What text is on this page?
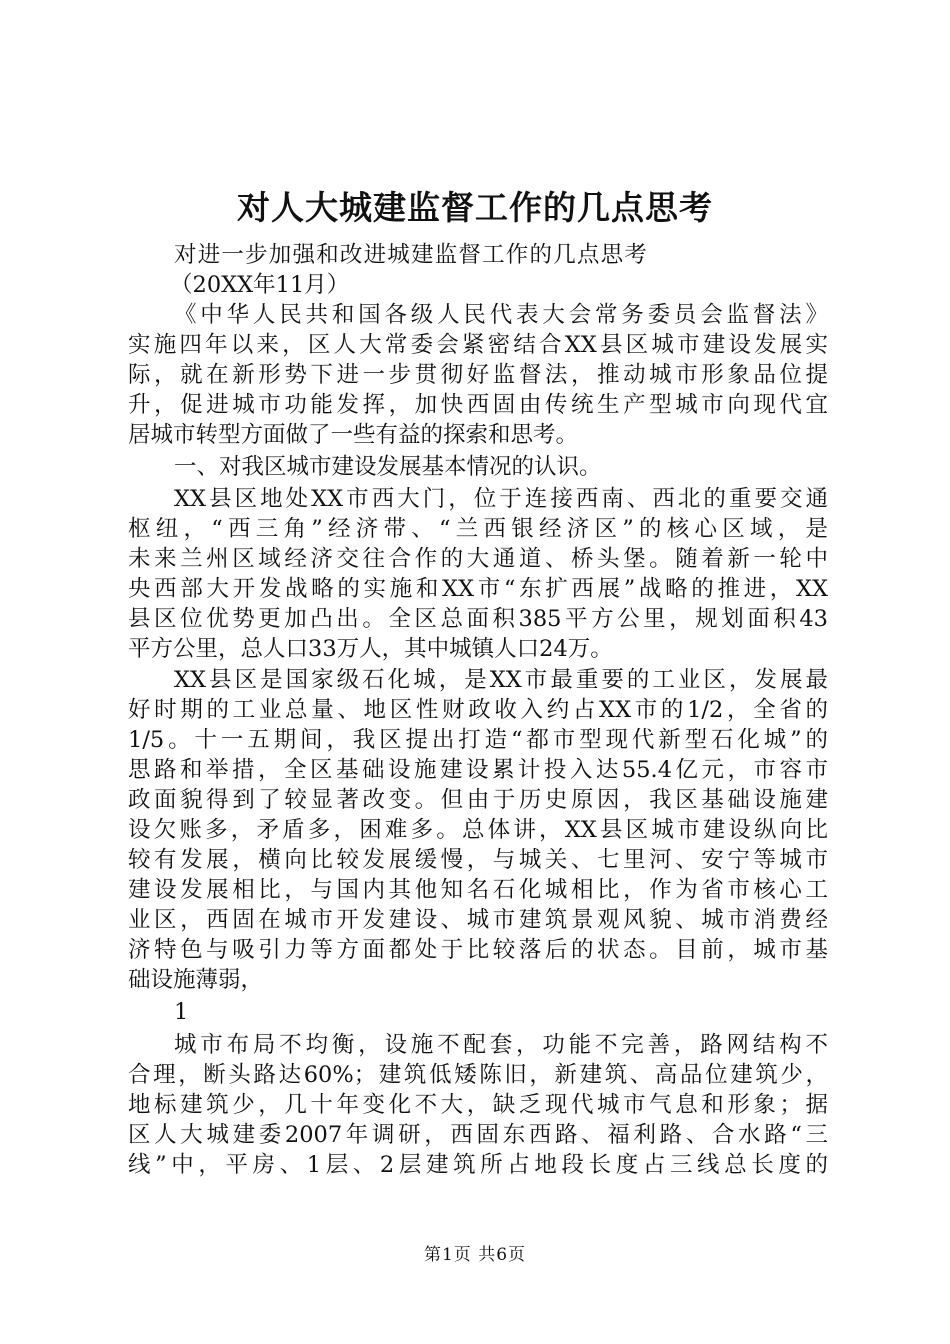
对人大城建监督工作的几点思考
对进一步加强和改进城建监督工作的几点思考
（20XX年11月）
《中华人民共和国各级人民代表大会常务委员会监督法》
实施四年以来，区人大常委会紧密结合XX县区城市建设发展实
际，就在新形势下进一步贯彻好监督法，推动城市形象品位提
升，促进城市功能发挥，加快西固由传统生产型城市向现代宜
居城市转型方面做了一些有益的探索和思考。
一、对我区城市建设发展基本情况的认识。
XX县区地处XX市西大门，位于连接西南、西北的重要交通
枢纽，“西三角”经济带、“兰西银经济区”的核心区域，是
未来兰州区域经济交往合作的大通道、桥头堡。随着新一轮中
央西部大开发战略的实施和XX市“东扩西展”战略的推进，XX
县区位优势更加凸出。全区总面积385平方公里，规划面积43
平方公里，总人口33万人，其中城镇人口24万。
XX县区是国家级石化城，是XX市最重要的工业区，发展最
好时期的工业总量、地区性财政收入约占XX市的1/2，全省的
1/5。十一五期间，我区提出打造“都市型现代新型石化城”的
思路和举措，全区基础设施建设累计投入达55.4亿元，市容市
政面貌得到了较显著改变。但由于历史原因，我区基础设施建
设欠账多，矛盾多，困难多。总体讲，XX县区城市建设纵向比
较有发展，横向比较发展缓慢，与城关、七里河、安宁等城市
建设发展相比，与国内其他知名石化城相比，作为省市核心工
业区，西固在城市开发建设、城市建筑景观风貌、城市消费经
济特色与吸引力等方面都处于比较落后的状态。目前，城市基
础设施薄弱，
1
城市布局不均衡，设施不配套，功能不完善，路网结构不
合理，断头路达60%；建筑低矮陈旧，新建筑、高品位建筑少，
地标建筑少，几十年变化不大，缺乏现代城市气息和形象；据
区人大城建委2007年调研，西固东西路、福利路、合水路“三
线”中，平房、1层、2层建筑所占地段长度占三线总长度的
第1页 共6页
